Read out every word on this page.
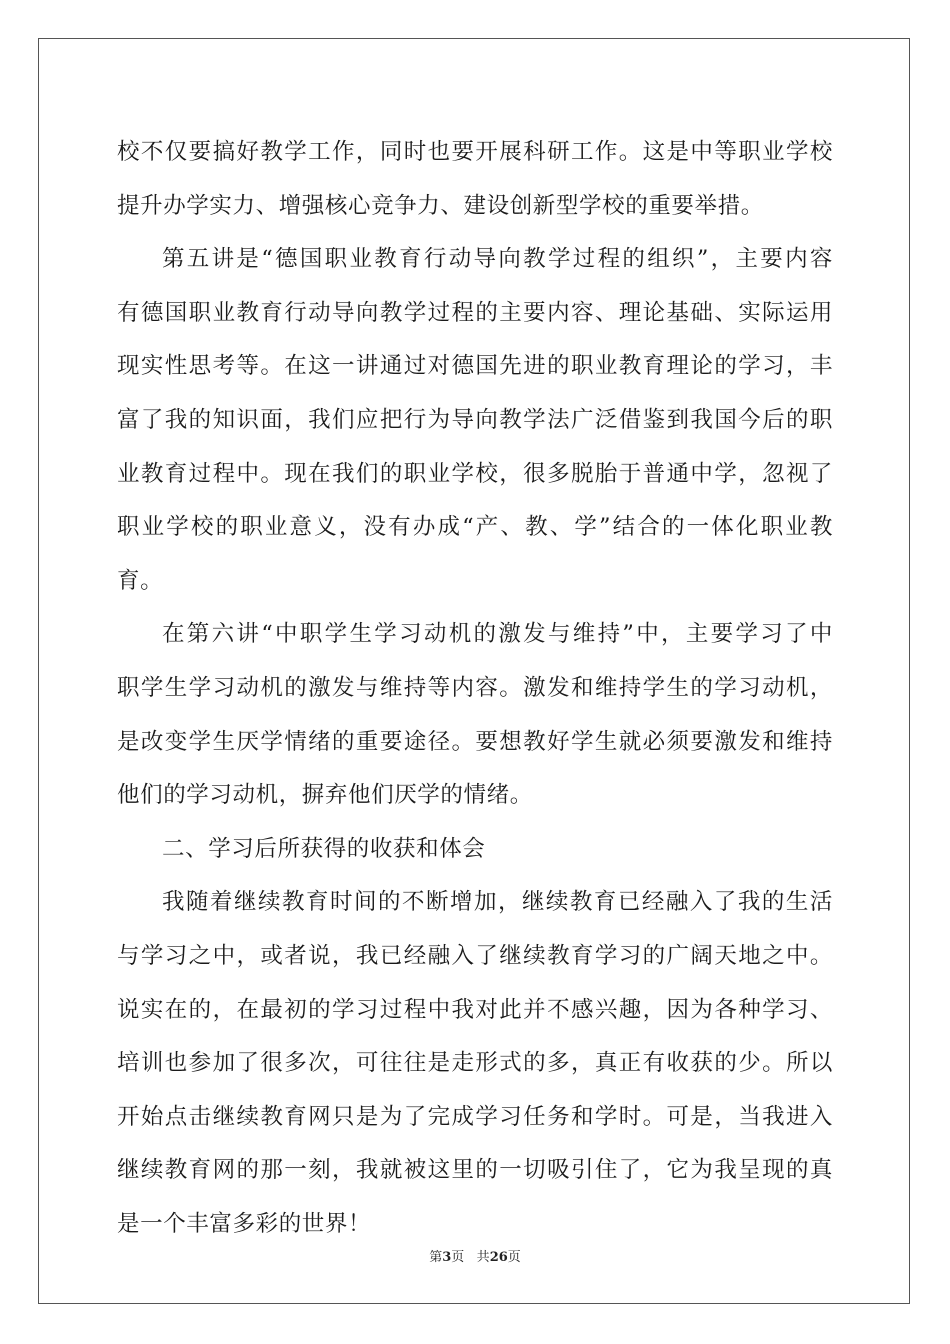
校不仅要搞好教学工作，同时也要开展科研工作。这是中等职业学校
提升办学实力、增强核心竞争力、建设创新型学校的重要举措。
第五讲是“德国职业教育行动导向教学过程的组织”，主要内容
有德国职业教育行动导向教学过程的主要内容、理论基础、实际运用
现实性思考等。在这一讲通过对德国先进的职业教育理论的学习，丰
富了我的知识面，我们应把行为导向教学法广泛借鉴到我国今后的职
业教育过程中。现在我们的职业学校，很多脱胎于普通中学，忽视了
职业学校的职业意义，没有办成“产、教、学”结合的一体化职业教
育。
在第六讲“中职学生学习动机的激发与维持”中，主要学习了中
职学生学习动机的激发与维持等内容。激发和维持学生的学习动机，
是改变学生厌学情绪的重要途径。要想教好学生就必须要激发和维持
他们的学习动机，摒弃他们厌学的情绪。
二、学习后所获得的收获和体会
我随着继续教育时间的不断增加，继续教育已经融入了我的生活
与学习之中，或者说，我已经融入了继续教育学习的广阔天地之中。
说实在的，在最初的学习过程中我对此并不感兴趣，因为各种学习、
培训也参加了很多次，可往往是走形式的多，真正有收获的少。所以
开始点击继续教育网只是为了完成学习任务和学时。可是，当我进入
继续教育网的那一刻，我就被这里的一切吸引住了，它为我呈现的真
是一个丰富多彩的世界！
第3页 共26页
